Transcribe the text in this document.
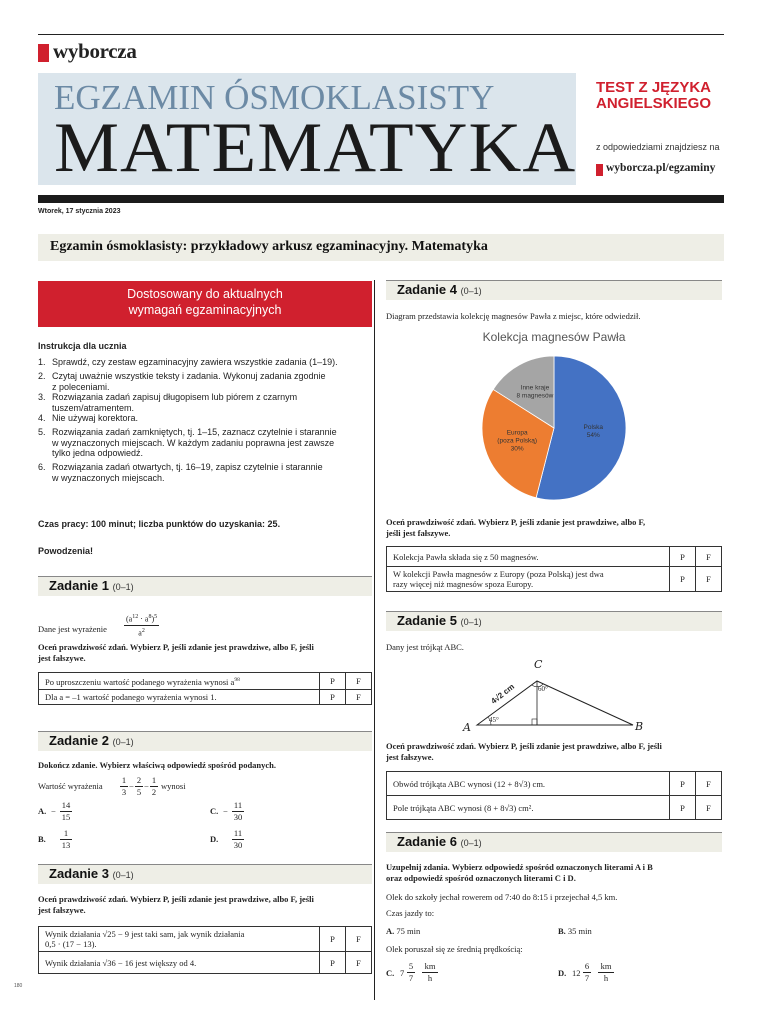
wyborcza
EGZAMIN ÓSMOKLASISTY
MATEMATYKA
TEST Z JĘZYKA ANGIELSKIEGO
z odpowiedziami znajdziesz na
wyborcza.pl/egzaminy
Wtorek, 17 stycznia 2023
Egzamin ósmoklasisty: przykładowy arkusz egzaminacyjny. Matematyka
Dostosowany do aktualnych
wymagań egzaminacyjnych
Instrukcja dla ucznia
1. Sprawdź, czy zestaw egzaminacyjny zawiera wszystkie zadania (1–19).
2. Czytaj uważnie wszystkie teksty i zadania. Wykonuj zadania zgodnie
z poleceniami.
3. Rozwiązania zadań zapisuj długopisem lub piórem z czarnym
tuszem/atramentem.
4. Nie używaj korektora.
5. Rozwiązania zadań zamkniętych, tj. 1–15, zaznacz czytelnie i starannie
w wyznaczonych miejscach. W każdym zadaniu poprawna jest zawsze
tylko jedna odpowiedź.
6. Rozwiązania zadań otwartych, tj. 16–19, zapisz czytelnie i starannie
w wyznaczonych miejscach.
Czas pracy: 100 minut; liczba punktów do uzyskania: 25.
Powodzenia!
Zadanie 1 (0–1)
Dane jest wyrażenie
$(a^{12} \cdot a^8)^5$
$a^2$
Oceń prawdziwość zdań. Wybierz P, jeśli zdanie jest prawdziwe, albo F, jeśli
jest fałszywe.
Po uproszczeniu wartość podanego wyrażenia wynosi $a^{98}$	P	F
Dla a = –1 wartość podanego wyrażenia wynosi 1.	P	F
Zadanie 2 (0–1)
Dokończ zdanie. Wybierz właściwą odpowiedź spośród podanych.
Wartość wyrażenia
1
3
−
2
5
−
1
2
wynosi
A. −
14
15
B.
1
13
C. −
11
30
D.
11
30
Zadanie 3 (0–1)
Oceń prawdziwość zdań. Wybierz P, jeśli zdanie jest prawdziwe, albo F, jeśli
jest fałszywe.
Wynik działania √25 − 9 jest taki sam, jak wynik działania
0,5 · (17 − 13).	P	F
Wynik działania √36 − 16 jest większy od 4.	P	F
180
Zadanie 4 (0–1)
Diagram przedstawia kolekcję magnesów Pawła z miejsc, które odwiedził.
Kolekcja magnesów Pawła
Polska 54%
Europa (poza Polską) 30%
Inne kraje 8 magnesów
Oceń prawdziwość zdań. Wybierz P, jeśli zdanie jest prawdziwe, albo F,
jeśli jest fałszywe.
Kolekcja Pawła składa się z 50 magnesów.	P	F

W kolekcji Pawła magnesów z Europy (poza Polską) jest dwa
razy więcej niż magnesów spoza Europy.	P	F
Zadanie 5 (0–1)
Dany jest trójkąt ABC.
A	B
C
4√2 cm
45°
60°
Oceń prawdziwość zdań. Wybierz P, jeśli zdanie jest prawdziwe, albo F, jeśli
jest fałszywe.
Obwód trójkąta ABC wynosi (12 + 8√3) cm.	P	F
Pole trójkąta ABC wynosi (8 + 8√3) cm².	P	F
Zadanie 6 (0–1)
Uzupełnij zdania. Wybierz odpowiedź spośród oznaczonych literami A i B
oraz odpowiedź spośród oznaczonych literami C i D.
Olek do szkoły jechał rowerem od 7:40 do 8:15 i przejechał 4,5 km.
Czas jazdy to:
A. 75 min	B. 35 min
Olek poruszał się ze średnią prędkością:
C. 7
5
7
km
h	D. 12
6
7
km
h
